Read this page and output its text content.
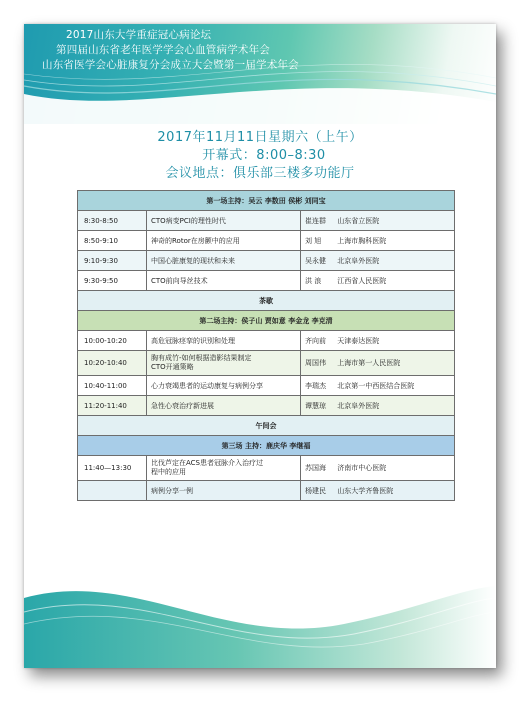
2017山东大学重症冠心病论坛
第四届山东省老年医学学会心血管病学术年会
山东省医学会心脏康复分会成立大会暨第一届学术年会
2017年11月11日星期六（上午）
开幕式：8:00–8:30
会议地点：俱乐部三楼多功能厅
第一场主持：吴云 李数田 侯彬 刘同宝		
8:30-8:50	CTO病变PCI的理性时代	崔连群 山东省立医院
8:50-9:10	神奇的Rotor在房颤中的应用	刘 旭 上海市胸科医院
9:10-9:30	中国心脏康复的现状和未来	吴永健 北京阜外医院
9:30-9:50	CTO前向导丝技术	洪 浪 江西省人民医院
茶歇		
第二场主持：侯子山 贾如意 李金龙 李克清		
10:00-10:20	高危冠脉痉挛的识别和处理	齐向前 天津泰达医院
10:20-10:40	胸有成竹-如何根据造影结果制定
CTO开通策略	周国伟 上海市第一人民医院
10:40-11:00	心力衰竭患者的运动康复与病例分享	李瑞杰 北京第一中西医结合医院
11:20-11:40	急性心衰治疗新进展	谭慧琼 北京阜外医院
午间会		
第三场 主持：鹿庆华 李继福		
11:40—13:30	比伐芦定在ACS患者冠脉介入治疗过
程中的应用	苏国海 济南市中心医院
	病例分享一例	杨建民 山东大学齐鲁医院
